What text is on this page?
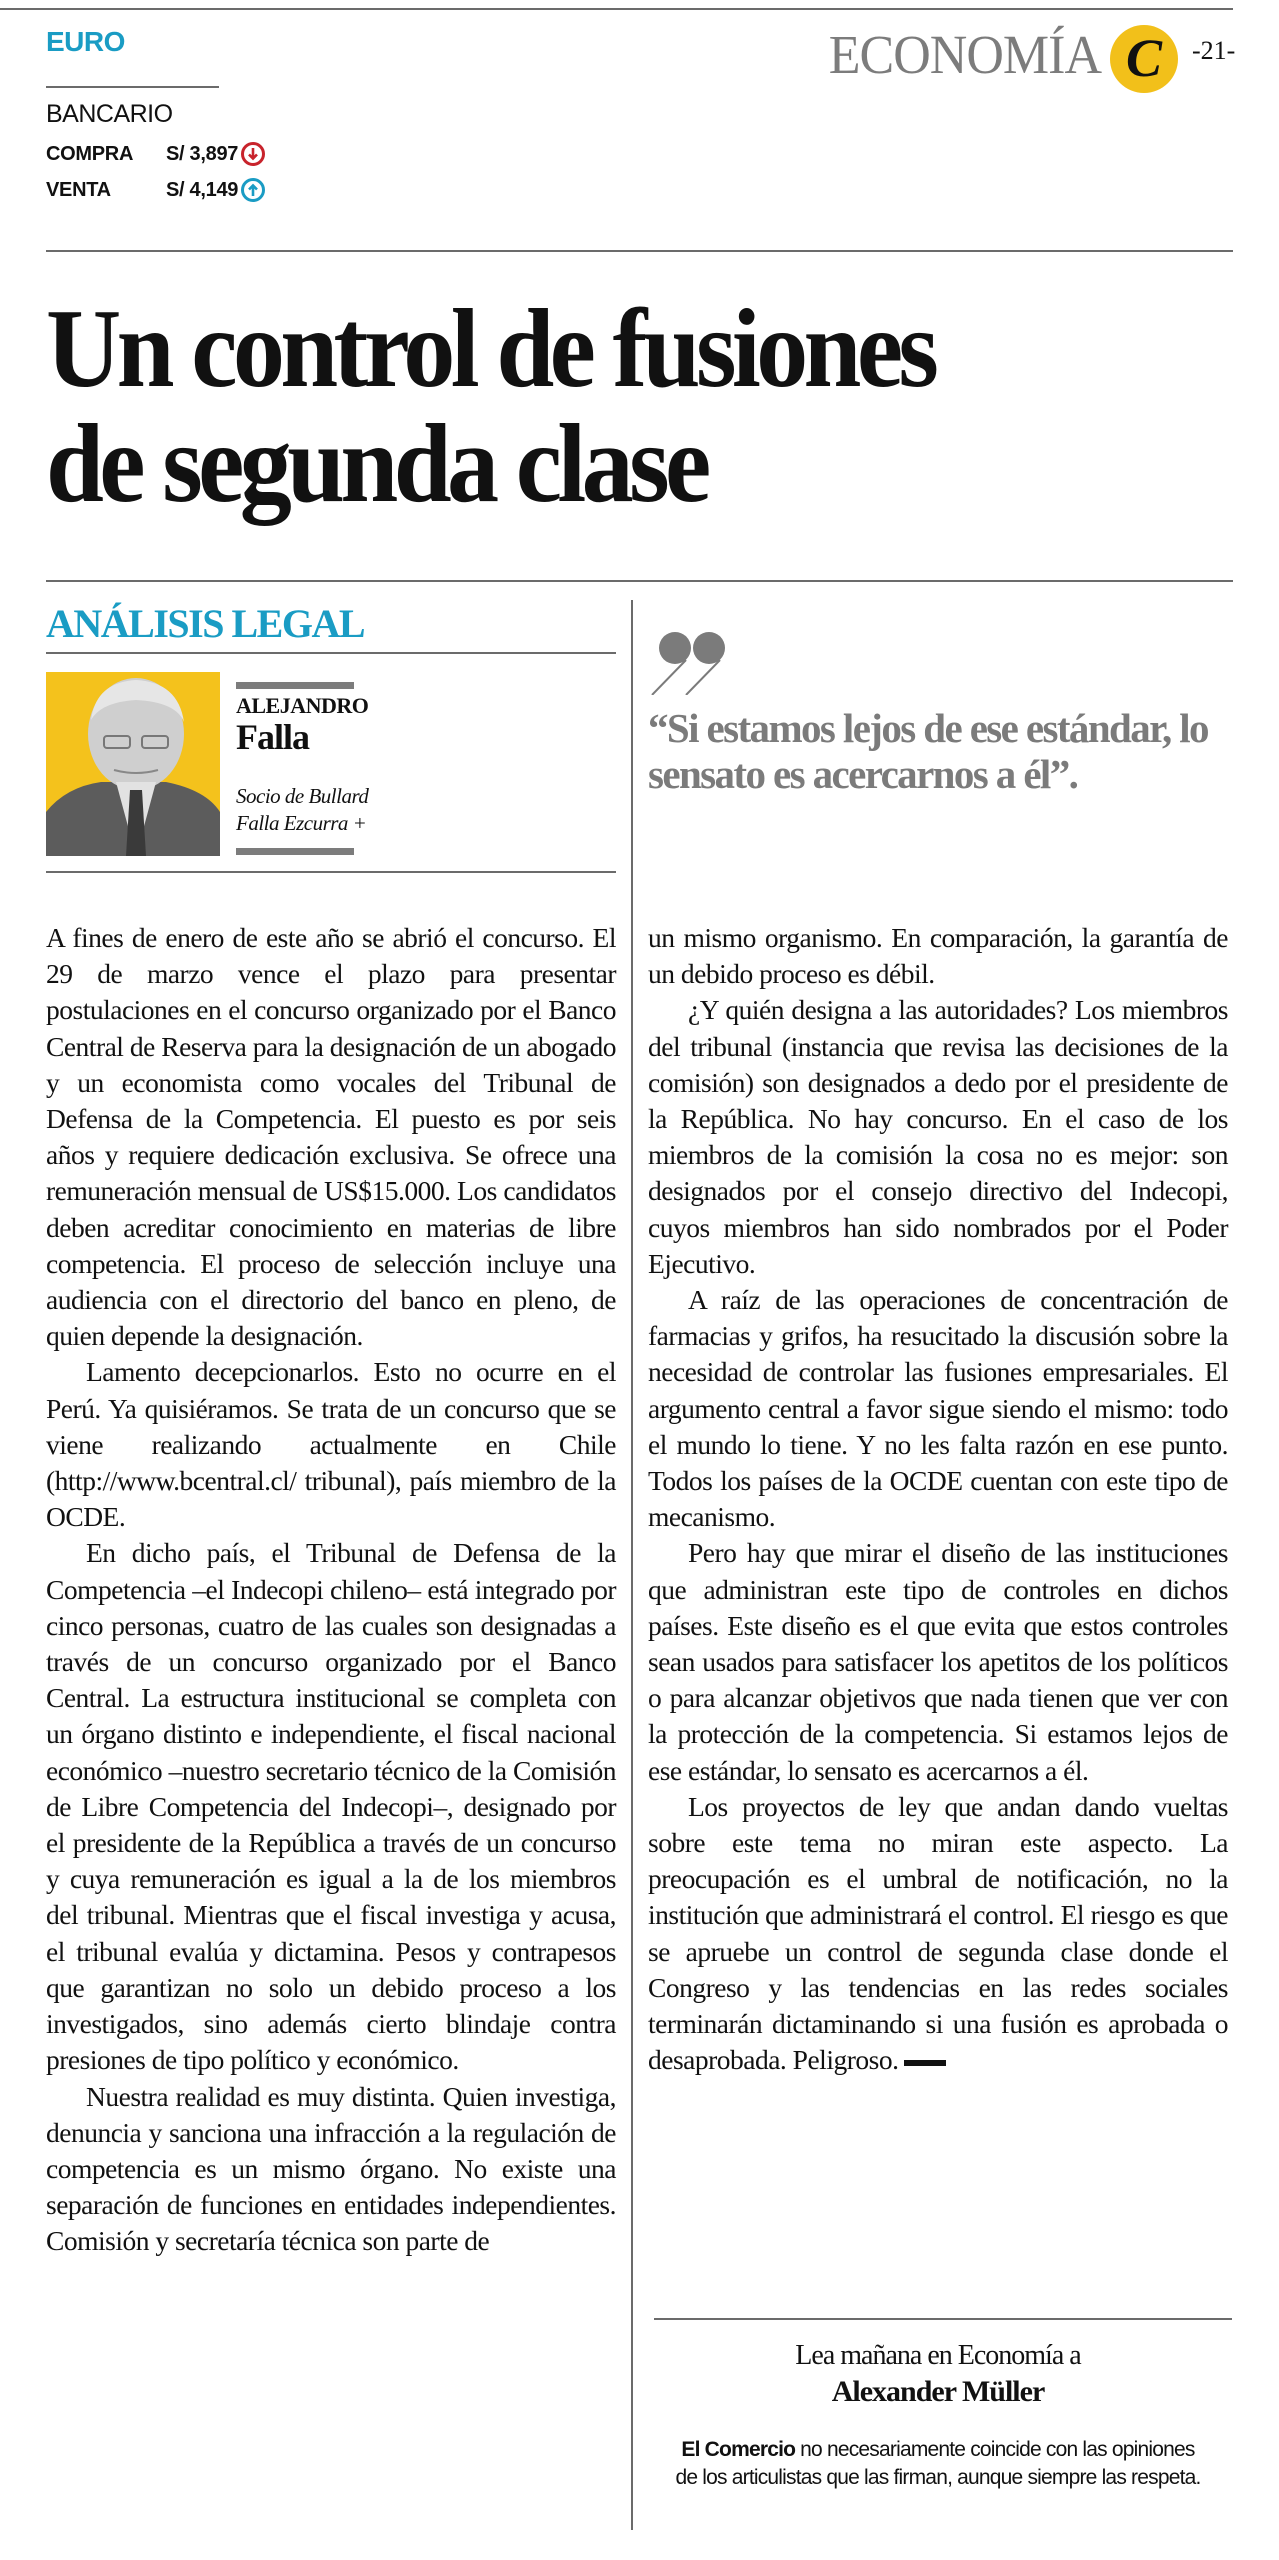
EURO
BANCARIO
COMPRA	S/ 3,897
VENTA	S/ 4,149
ECONOMÍA C -21-
Un control de fusiones
de segunda clase
ANÁLISIS LEGAL
ALEJANDRO
Falla
Socio de Bullard
Falla Ezcurra +
“Si estamos lejos de ese estándar, lo sensato es acercarnos a él”.

A fines de enero de este año se abrió el concurso. El 29 de marzo vence el plazo para presentar postulaciones en el concurso organizado por el Banco Central de Reserva para la designación de un abogado y un economista como vocales del Tribunal de Defensa de la Competencia. El puesto es por seis años y requiere dedicación exclusiva. Se ofrece una remuneración mensual de US$15.000. Los candidatos deben acreditar conocimiento en materias de libre competencia. El proceso de selección incluye una audiencia con el directorio del banco en pleno, de quien depende la designación.

Lamento decepcionarlos. Esto no ocurre en el Perú. Ya quisiéramos. Se trata de un concurso que se viene realizando actualmente en Chile (http://www.bcentral.cl/ tribunal), país miembro de la OCDE.

En dicho país, el Tribunal de Defensa de la Competencia –el Indecopi chileno– está integrado por cinco personas, cuatro de las cuales son designadas a través de un concurso organizado por el Banco Central. La estructura institucional se completa con un órgano distinto e independiente, el fiscal nacional económico –nuestro secretario técnico de la Comisión de Libre Competencia del Indecopi–, designado por el presidente de la República a través de un concurso y cuya remuneración es igual a la de los miembros del tribunal. Mientras que el fiscal investiga y acusa, el tribunal evalúa y dictamina. Pesos y contrapesos que garantizan no solo un debido proceso a los investigados, sino además cierto blindaje contra presiones de tipo político y económico.

Nuestra realidad es muy distinta. Quien investiga, denuncia y sanciona una infracción a la regulación de competencia es un mismo órgano. No existe una separación de funciones en entidades independientes. Comisión y secretaría técnica son parte de

un mismo organismo. En comparación, la garantía de un debido proceso es débil.

¿Y quién designa a las autoridades? Los miembros del tribunal (instancia que revisa las decisiones de la comisión) son designados a dedo por el presidente de la República. No hay concurso. En el caso de los miembros de la comisión la cosa no es mejor: son designados por el consejo directivo del Indecopi, cuyos miembros han sido nombrados por el Poder Ejecutivo.

A raíz de las operaciones de concentración de farmacias y grifos, ha resucitado la discusión sobre la necesidad de controlar las fusiones empresariales. El argumento central a favor sigue siendo el mismo: todo el mundo lo tiene. Y no les falta razón en ese punto. Todos los países de la OCDE cuentan con este tipo de mecanismo.

Pero hay que mirar el diseño de las instituciones que administran este tipo de controles en dichos países. Este diseño es el que evita que estos controles sean usados para satisfacer los apetitos de los políticos o para alcanzar objetivos que nada tienen que ver con la protección de la competencia. Si estamos lejos de ese estándar, lo sensato es acercarnos a él.

Los proyectos de ley que andan dando vueltas sobre este tema no miran este aspecto. La preocupación es el umbral de notificación, no la institución que administrará el control. El riesgo es que se apruebe un control de segunda clase donde el Congreso y las tendencias en las redes sociales terminarán dictaminando si una fusión es aprobada o desaprobada. Peligroso.

Lea mañana en Economía a
Alexander Müller
El Comercio no necesariamente coincide con las opiniones de los articulistas que las firman, aunque siempre las respeta.
